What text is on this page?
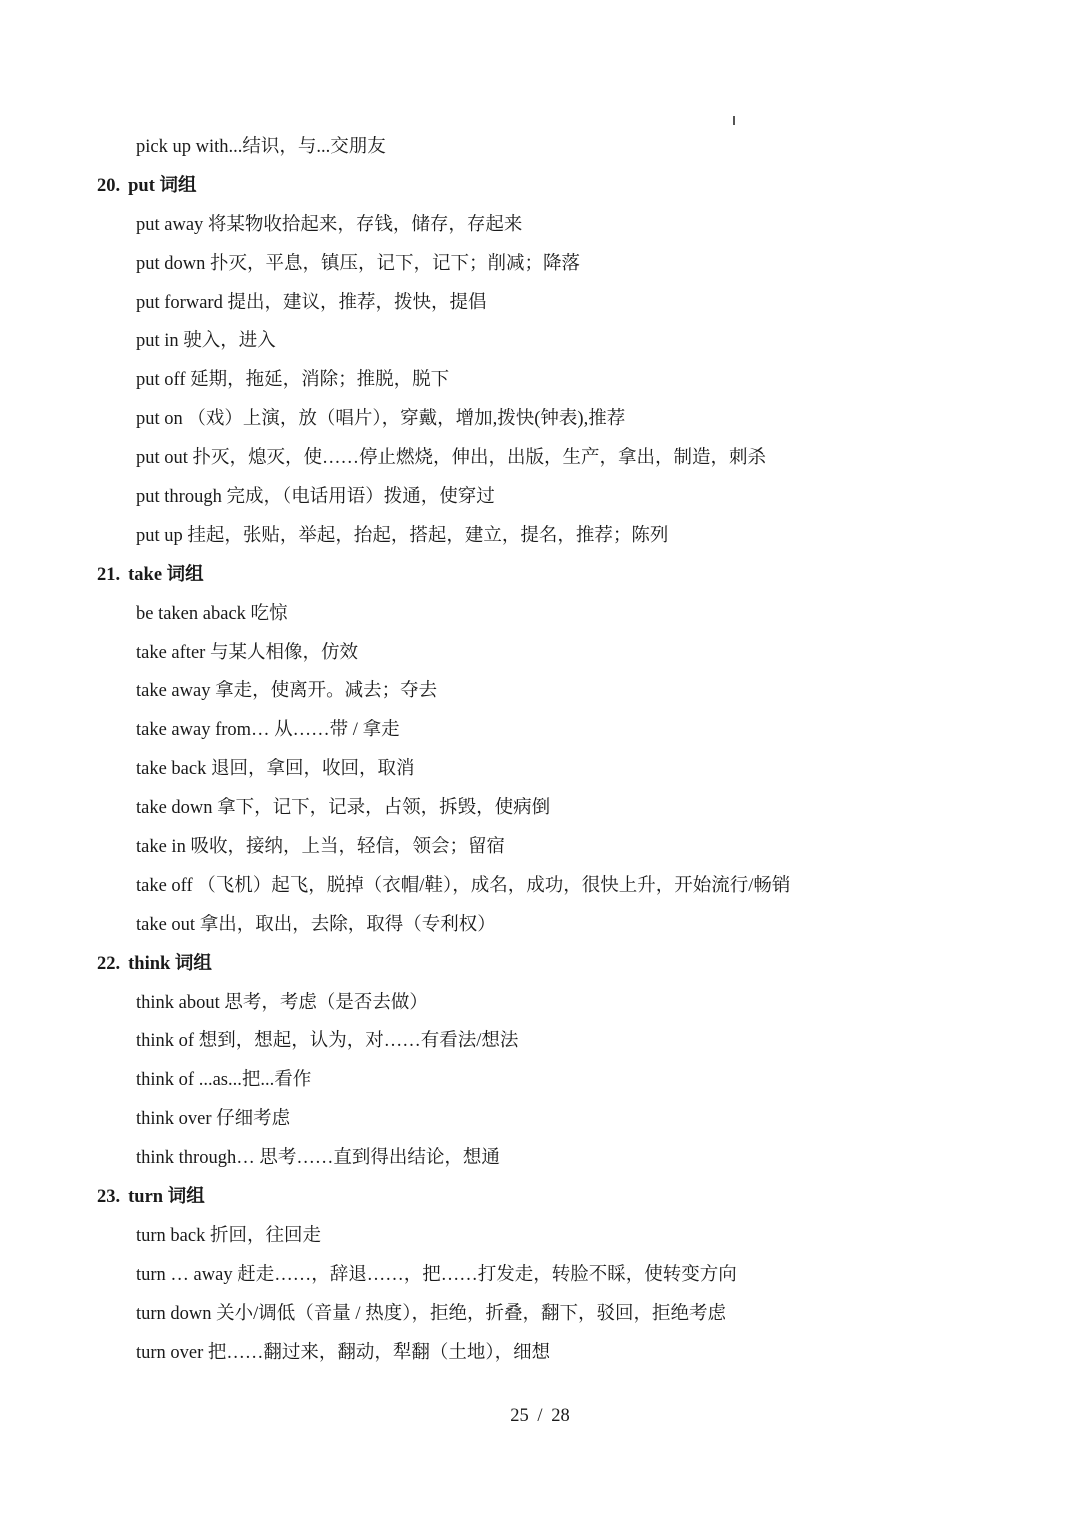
pick up with...结识，与...交朋友
20. put 词组
put away 将某物收拾起来，存钱，储存，存起来
put down 扑灭，平息，镇压，记下，记下；削减；降落
put forward 提出，建议，推荐，拨快，提倡
put in 驶入，进入
put off 延期，拖延，消除；推脱，脱下
put on （戏）上演，放（唱片），穿戴，增加,拨快(钟表),推荐
put out 扑灭，熄灭，使……停止燃烧，伸出，出版，生产，拿出，制造，刺杀
put through 完成，（电话用语）拨通，使穿过
put up 挂起，张贴，举起，抬起，搭起，建立，提名，推荐；陈列
21. take 词组
be taken aback 吃惊
take after 与某人相像，仿效
take away 拿走，使离开。减去；夺去
take away from… 从……带 / 拿走
take back 退回，拿回，收回，取消
take down 拿下，记下，记录，占领，拆毁，使病倒
take in 吸收，接纳，上当，轻信，领会；留宿
take off （飞机）起飞，脱掉（衣帽/鞋），成名，成功，很快上升，开始流行/畅销
take out 拿出，取出，去除，取得（专利权）
22. think 词组
think about 思考，考虑（是否去做）
think of 想到，想起，认为，对……有看法/想法
think of ...as...把...看作
think over 仔细考虑
think through… 思考……直到得出结论，想通
23. turn 词组
turn back 折回，往回走
turn … away 赶走……，辞退……，把……打发走，转脸不睬，使转变方向
turn down 关小/调低（音量 / 热度），拒绝，折叠，翻下，驳回，拒绝考虑
turn over 把……翻过来，翻动，犁翻（土地），细想
25 / 28
